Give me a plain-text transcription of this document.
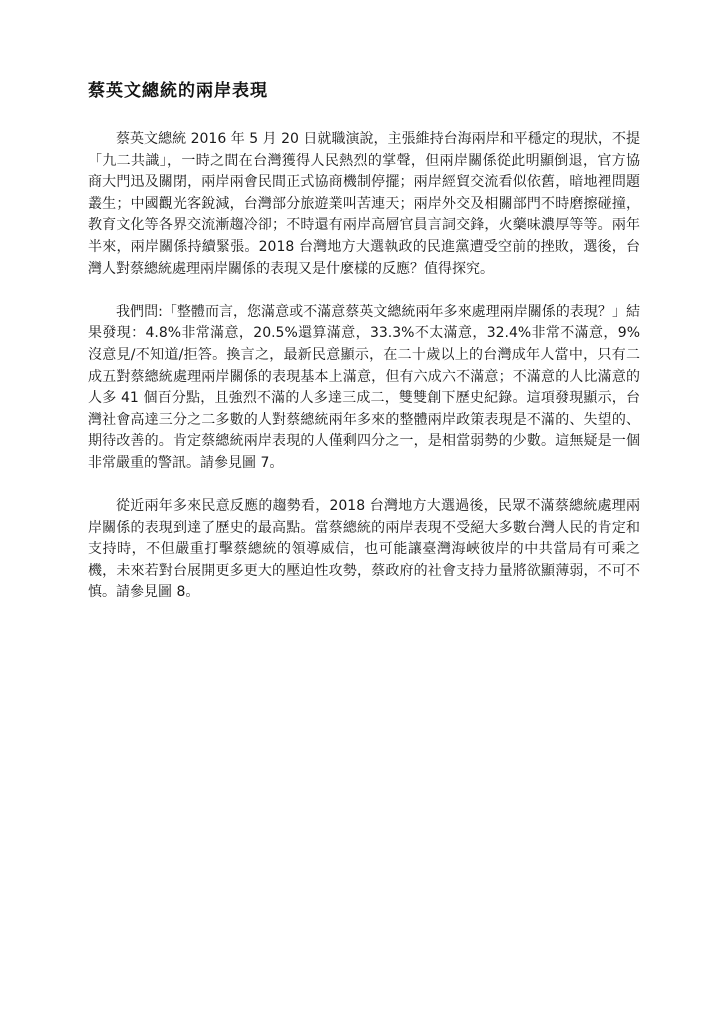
蔡英文總統的兩岸表現

蔡英文總統 2016 年 5 月 20 日就職演說，主張維持台海兩岸和平穩定的現狀，不提「九二共識」，一時之間在台灣獲得人民熱烈的掌聲，但兩岸關係從此明顯倒退，官方協商大門迅及關閉，兩岸兩會民間正式協商機制停擺；兩岸經貿交流看似依舊，暗地裡問題叢生；中國觀光客銳減，台灣部分旅遊業叫苦連天；兩岸外交及相關部門不時磨擦碰撞，教育文化等各界交流漸趨冷卻；不時還有兩岸高層官員言詞交鋒，火藥味濃厚等等。兩年半來，兩岸關係持續緊張。2018 台灣地方大選執政的民進黨遭受空前的挫敗，選後，台灣人對蔡總統處理兩岸關係的表現又是什麼樣的反應？值得探究。

我們問:「整體而言，您滿意或不滿意蔡英文總統兩年多來處理兩岸關係的表現？」結果發現：4.8%非常滿意，20.5%還算滿意，33.3%不太滿意，32.4%非常不滿意，9%沒意見/不知道/拒答。換言之，最新民意顯示，在二十歲以上的台灣成年人當中，只有二成五對蔡總統處理兩岸關係的表現基本上滿意，但有六成六不滿意；不滿意的人比滿意的人多 41 個百分點，且強烈不滿的人多達三成二，雙雙創下歷史紀錄。這項發現顯示，台灣社會高達三分之二多數的人對蔡總統兩年多來的整體兩岸政策表現是不滿的、失望的、期待改善的。肯定蔡總統兩岸表現的人僅剩四分之一，是相當弱勢的少數。這無疑是一個非常嚴重的警訊。請參見圖 7。

從近兩年多來民意反應的趨勢看，2018 台灣地方大選過後，民眾不滿蔡總統處理兩岸關係的表現到達了歷史的最高點。當蔡總統的兩岸表現不受絕大多數台灣人民的肯定和支持時，不但嚴重打擊蔡總統的領導威信，也可能讓臺灣海峽彼岸的中共當局有可乘之機，未來若對台展開更多更大的壓迫性攻勢，蔡政府的社會支持力量將欲顯薄弱，不可不慎。請參見圖 8。
